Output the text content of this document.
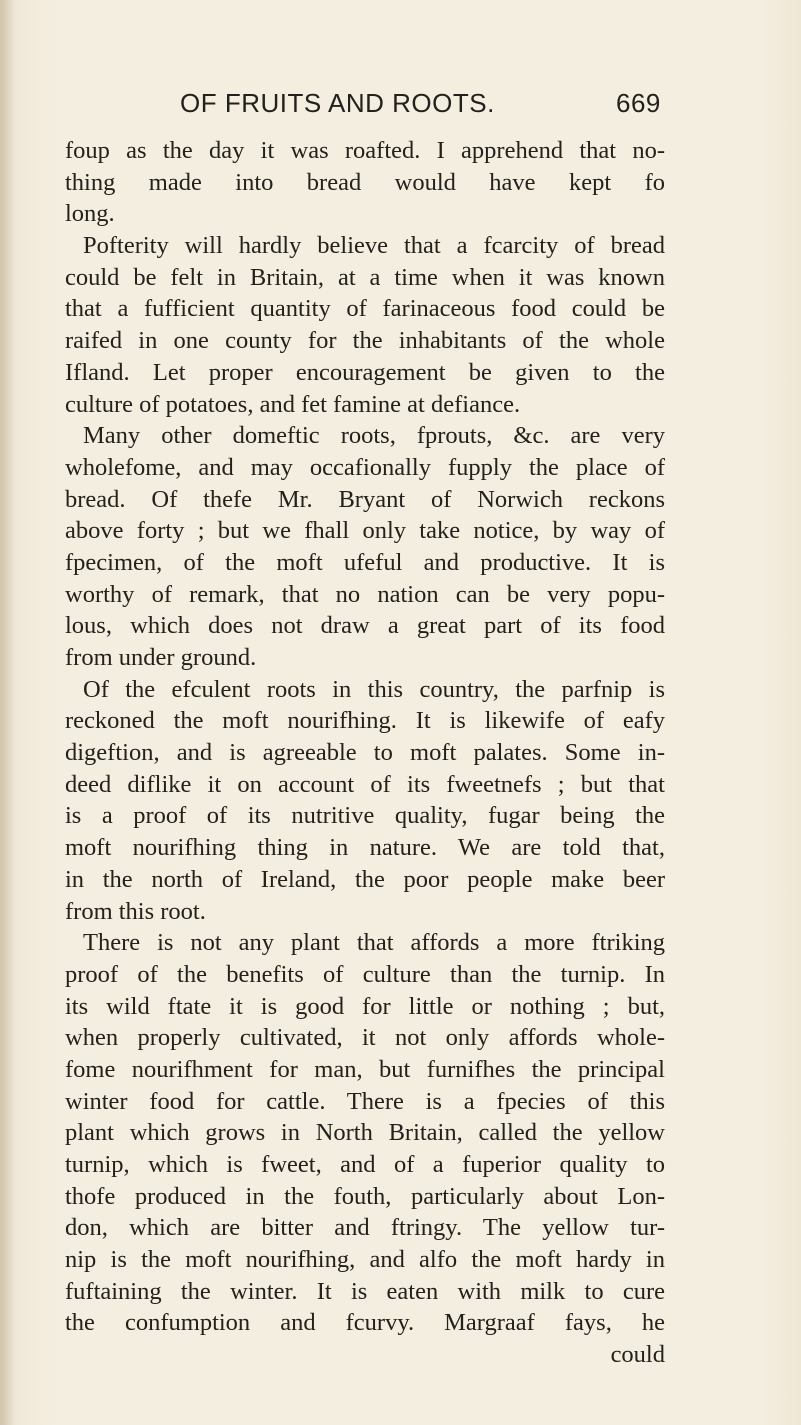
OF FRUITS AND ROOTS.	669
foup as the day it was roafted. I apprehend that no-
thing made into bread would have kept fo
long.
Pofterity will hardly believe that a fcarcity of bread
could be felt in Britain, at a time when it was known
that a fufficient quantity of farinaceous food could be
raifed in one county for the inhabitants of the whole
Ifland. Let proper encouragement be given to the
culture of potatoes, and fet famine at defiance.
Many other domeftic roots, fprouts, &c. are very
wholefome, and may occafionally fupply the place of
bread. Of thefe Mr. Bryant of Norwich reckons
above forty ; but we fhall only take notice, by way of
fpecimen, of the moft ufeful and productive. It is
worthy of remark, that no nation can be very popu-
lous, which does not draw a great part of its food
from under ground.
Of the efculent roots in this country, the parfnip is
reckoned the moft nourifhing. It is likewife of eafy
digeftion, and is agreeable to moft palates. Some in-
deed diflike it on account of its fweetnefs ; but that
is a proof of its nutritive quality, fugar being the
moft nourifhing thing in nature. We are told that,
in the north of Ireland, the poor people make beer
from this root.
There is not any plant that affords a more ftriking
proof of the benefits of culture than the turnip. In
its wild ftate it is good for little or nothing ; but,
when properly cultivated, it not only affords whole-
fome nourifhment for man, but furnifhes the principal
winter food for cattle. There is a fpecies of this
plant which grows in North Britain, called the yellow
turnip, which is fweet, and of a fuperior quality to
thofe produced in the fouth, particularly about Lon-
don, which are bitter and ftringy. The yellow tur-
nip is the moft nourifhing, and alfo the moft hardy in
fuftaining the winter. It is eaten with milk to cure
the confumption and fcurvy. Margraaf fays, he
could
